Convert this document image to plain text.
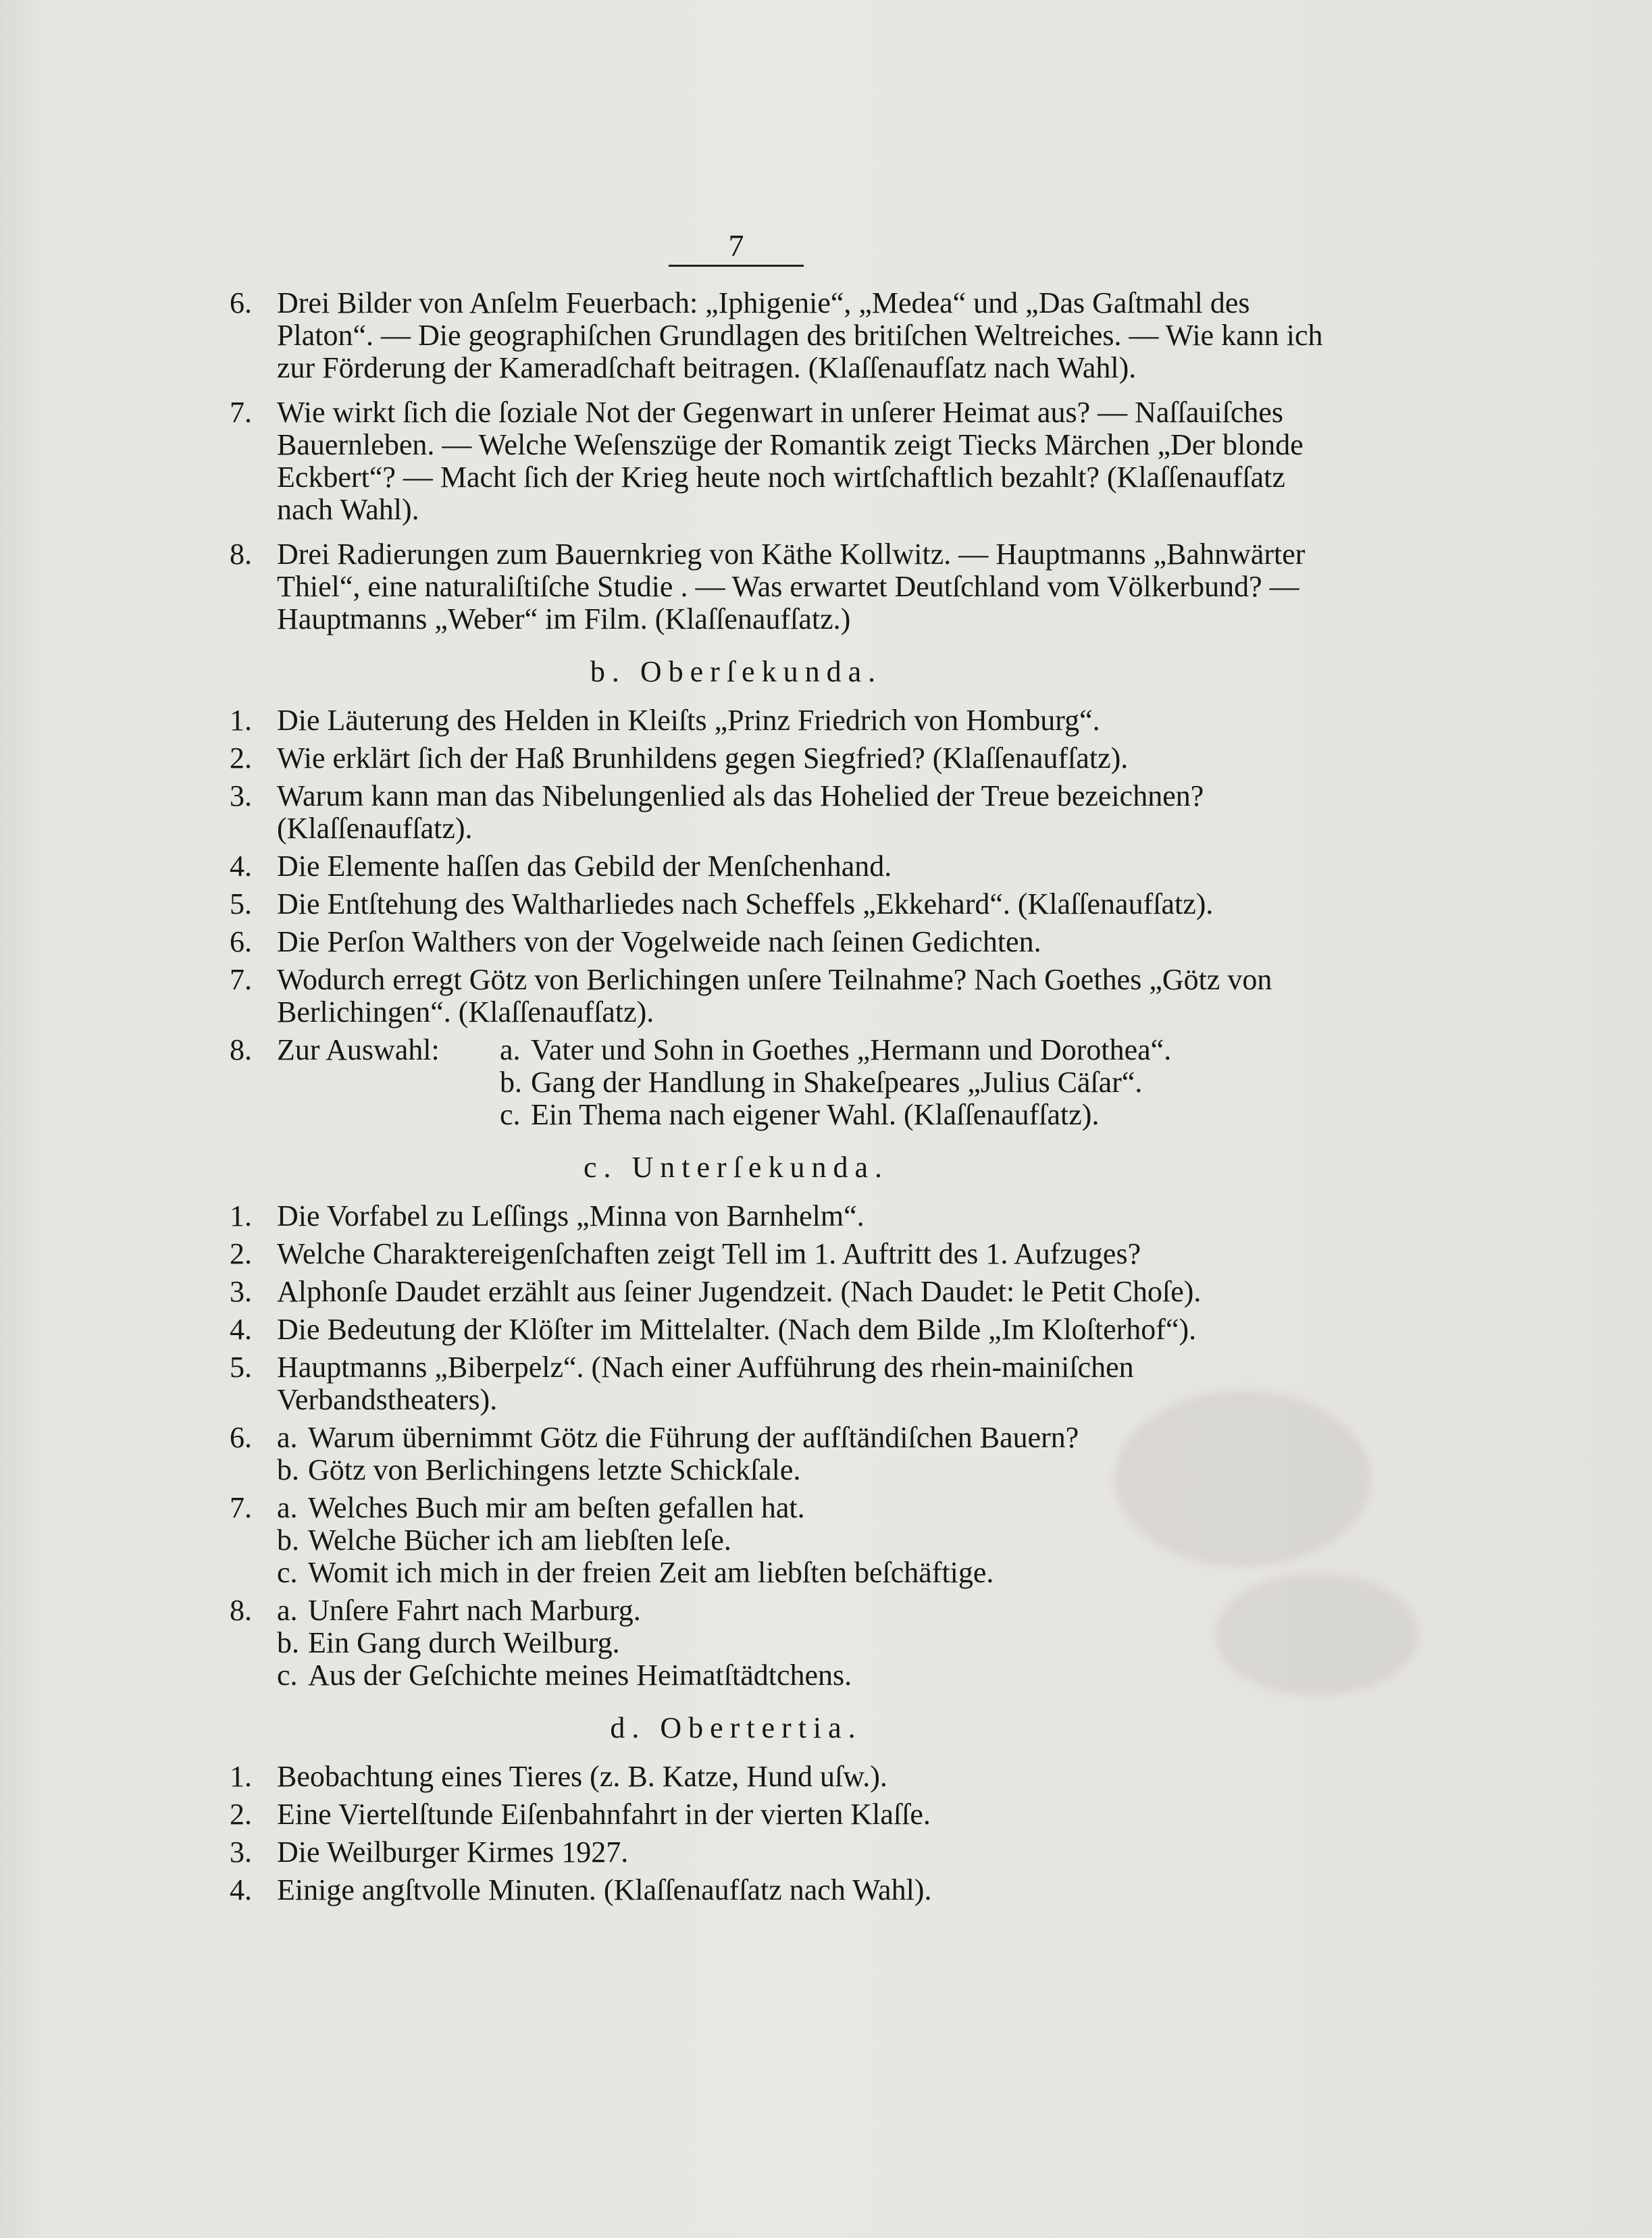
7

6. Drei Bilder von Anſelm Feuerbach: „Iphigenie“, „Medea“ und „Das Gaſtmahl des Platon“. — Die geographiſchen Grundlagen des britiſchen Weltreiches. — Wie kann ich zur Förderung der Kameradſchaft beitragen. (Klaſſenaufſatz nach Wahl).

7. Wie wirkt ſich die ſoziale Not der Gegenwart in unſerer Heimat aus? — Naſſauiſches Bauernleben. — Welche Weſenszüge der Romantik zeigt Tiecks Märchen „Der blonde Eckbert“? — Macht ſich der Krieg heute noch wirtſchaftlich bezahlt? (Klaſſenaufſatz nach Wahl).

8. Drei Radierungen zum Bauernkrieg von Käthe Kollwitz. — Hauptmanns „Bahnwärter Thiel“, eine naturaliſtiſche Studie . — Was erwartet Deutſchland vom Völkerbund? — Hauptmanns „Weber“ im Film. (Klaſſenaufſatz.)

b. Oberſekunda.

1. Die Läuterung des Helden in Kleiſts „Prinz Friedrich von Homburg“.

2. Wie erklärt ſich der Haß Brunhildens gegen Siegfried? (Klaſſenaufſatz).

3. Warum kann man das Nibelungenlied als das Hohelied der Treue bezeichnen? (Klaſſenaufſatz).

4. Die Elemente haſſen das Gebild der Menſchenhand.

5. Die Entſtehung des Waltharliedes nach Scheffels „Ekkehard“. (Klaſſenaufſatz).

6. Die Perſon Walthers von der Vogelweide nach ſeinen Gedichten.

7. Wodurch erregt Götz von Berlichingen unſere Teilnahme? Nach Goethes „Götz von Berlichingen“. (Klaſſenaufſatz).

8. Zur Auswahl: a. Vater und Sohn in Goethes „Hermann und Dorothea“.
b. Gang der Handlung in Shakeſpeares „Julius Cäſar“.
c. Ein Thema nach eigener Wahl. (Klaſſenaufſatz).
c. Unterſekunda.

1. Die Vorfabel zu Leſſings „Minna von Barnhelm“.

2. Welche Charaktereigenſchaften zeigt Tell im 1. Auftritt des 1. Aufzuges?

3. Alphonſe Daudet erzählt aus ſeiner Jugendzeit. (Nach Daudet: le Petit Choſe).

4. Die Bedeutung der Klöſter im Mittelalter. (Nach dem Bilde „Im Kloſterhof“).

5. Hauptmanns „Biberpelz“. (Nach einer Aufführung des rhein-mainiſchen Verbandstheaters).

6. a. Warum übernimmt Götz die Führung der aufſtändiſchen Bauern?
b. Götz von Berlichingens letzte Schickſale.
7. a. Welches Buch mir am beſten gefallen hat.
b. Welche Bücher ich am liebſten leſe.
c. Womit ich mich in der freien Zeit am liebſten beſchäftige.
8. a. Unſere Fahrt nach Marburg.
b. Ein Gang durch Weilburg.
c. Aus der Geſchichte meines Heimatſtädtchens.
d. Obertertia.

1. Beobachtung eines Tieres (z. B. Katze, Hund uſw.).

2. Eine Viertelſtunde Eiſenbahnfahrt in der vierten Klaſſe.

3. Die Weilburger Kirmes 1927.

4. Einige angſtvolle Minuten. (Klaſſenaufſatz nach Wahl).
